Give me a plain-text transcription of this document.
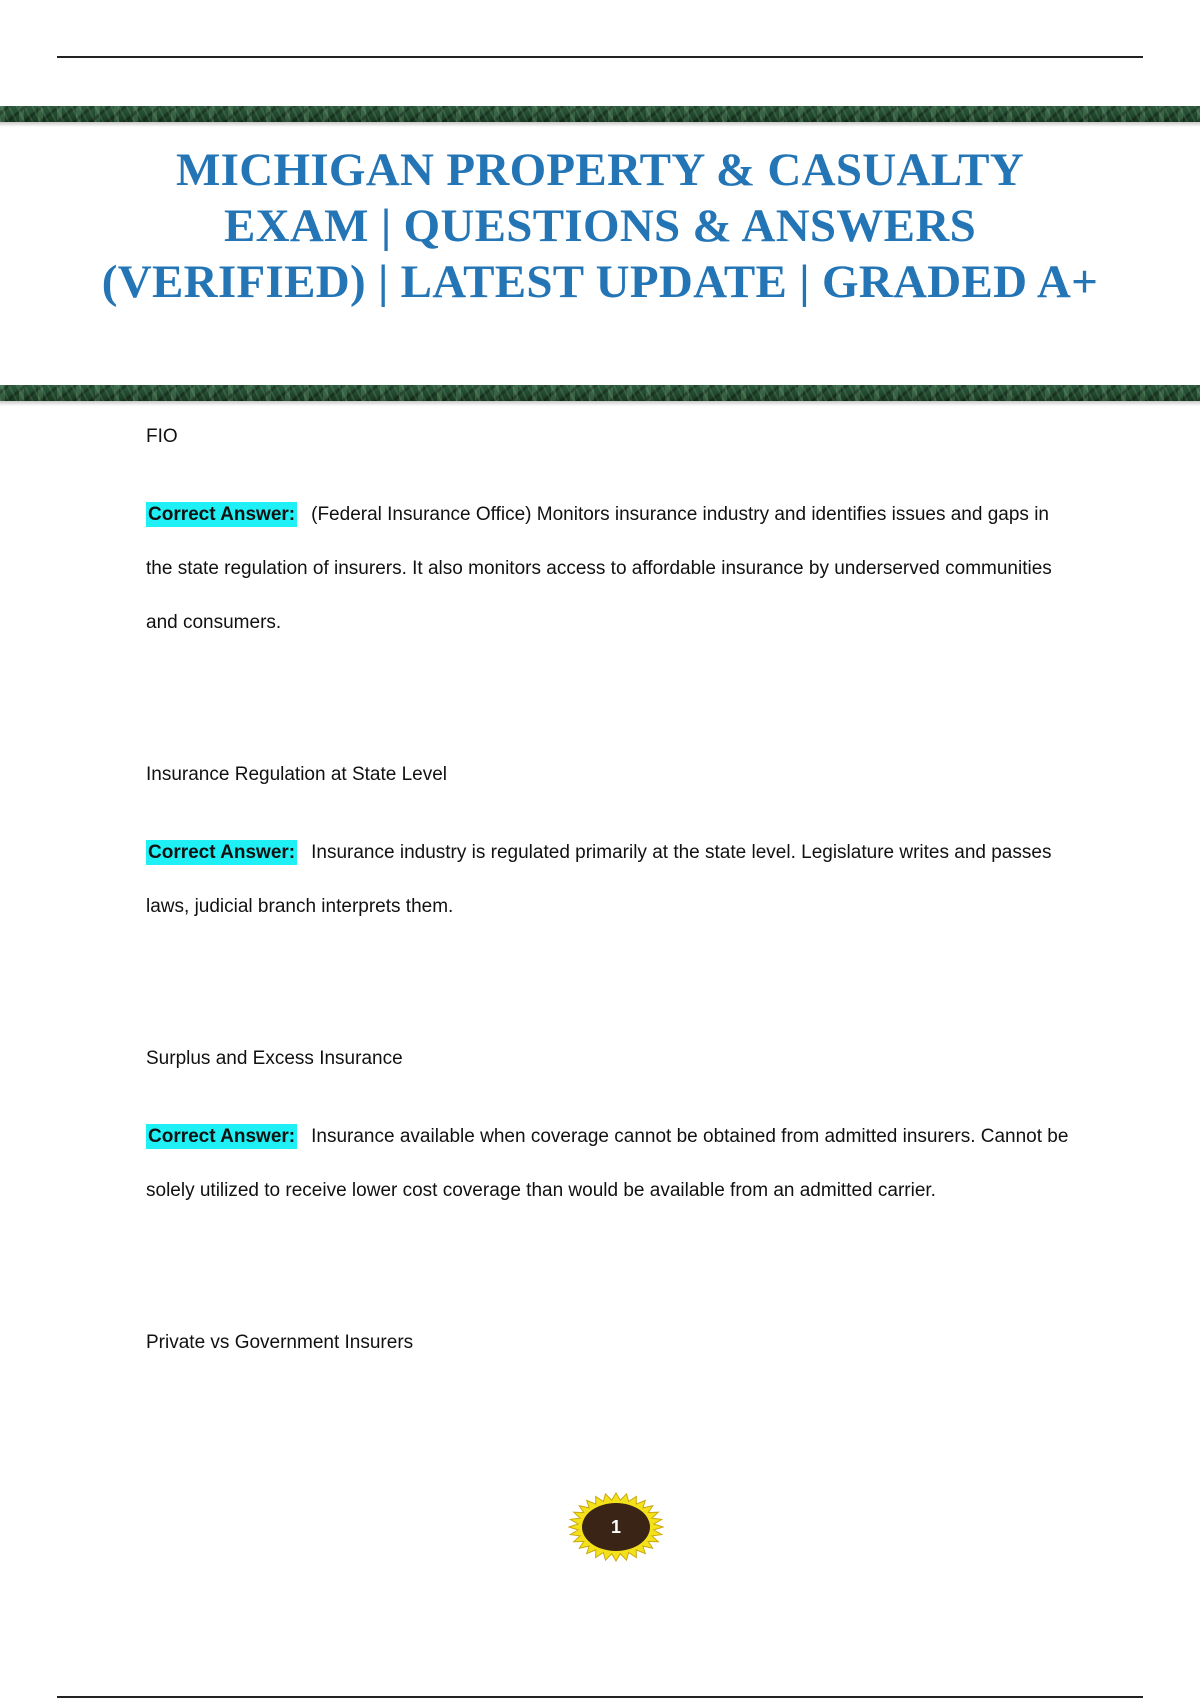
MICHIGAN PROPERTY & CASUALTY EXAM | QUESTIONS & ANSWERS (VERIFIED) | LATEST UPDATE | GRADED A+

FIO

Correct Answer: (Federal Insurance Office) Monitors insurance industry and identifies issues and gaps in the state regulation of insurers. It also monitors access to affordable insurance by underserved communities and consumers.

Insurance Regulation at State Level

Correct Answer: Insurance industry is regulated primarily at the state level. Legislature writes and passes laws, judicial branch interprets them.

Surplus and Excess Insurance

Correct Answer: Insurance available when coverage cannot be obtained from admitted insurers. Cannot be solely utilized to receive lower cost coverage than would be available from an admitted carrier.

Private vs Government Insurers

1
